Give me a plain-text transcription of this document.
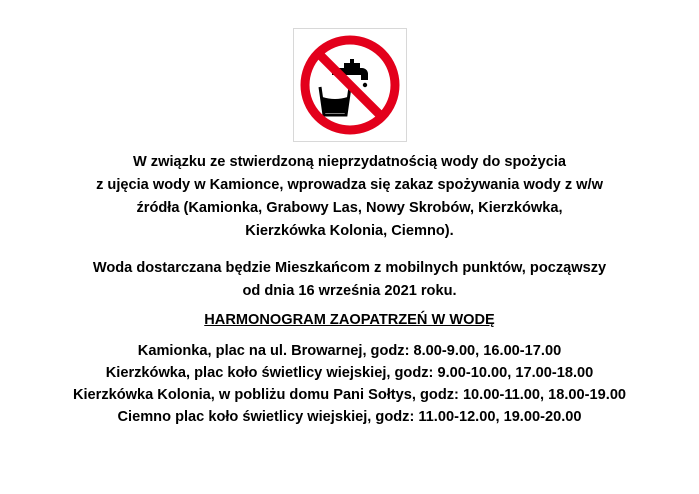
W związku ze stwierdzoną nieprzydatnością wody do spożycia
z ujęcia wody w Kamionce, wprowadza się zakaz spożywania wody z w/w
źródła (Kamionka, Grabowy Las, Nowy Skrobów, Kierzkówka,
Kierzkówka Kolonia, Ciemno).
Woda dostarczana będzie Mieszkańcom z mobilnych punktów, począwszy
od dnia 16 września 2021 roku.
HARMONOGRAM ZAOPATRZEŃ W WODĘ
Kamionka, plac na ul. Browarnej, godz: 8.00-9.00, 16.00-17.00
Kierzkówka, plac koło świetlicy wiejskiej, godz: 9.00-10.00, 17.00-18.00
Kierzkówka Kolonia, w pobliżu domu Pani Sołtys, godz: 10.00-11.00, 18.00-19.00
Ciemno plac koło świetlicy wiejskiej, godz: 11.00-12.00, 19.00-20.00
